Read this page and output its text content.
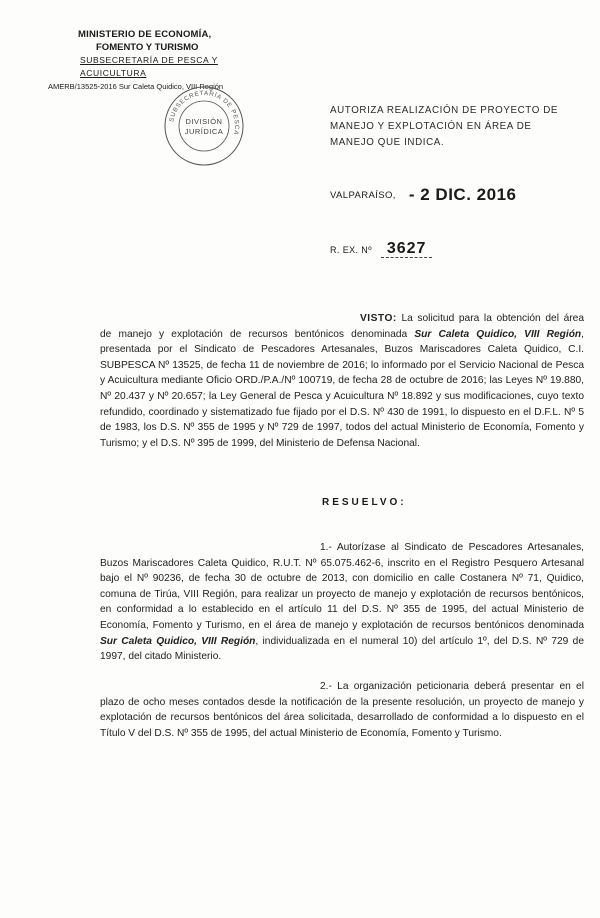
MINISTERIO DE ECONOMÍA,
FOMENTO Y TURISMO
SUBSECRETARÍA DE PESCA Y ACUICULTURA
AMERB/13525-2016 Sur Caleta Quidico, VIII Región
SUBSECRETARÍA DE PESCA
DIVISIÓN
JURÍDICA
AUTORIZA REALIZACIÓN DE PROYECTO DE MANEJO Y EXPLOTACIÓN EN ÁREA DE MANEJO QUE INDICA.
VALPARAÍSO, - 2 DIC. 2016
R. EX. Nº 3627
VISTO: La solicitud para la obtención del área de manejo y explotación de recursos bentónicos denominada Sur Caleta Quidico, VIII Región, presentada por el Sindicato de Pescadores Artesanales, Buzos Mariscadores Caleta Quidico, C.I. SUBPESCA Nº 13525, de fecha 11 de noviembre de 2016; lo informado por el Servicio Nacional de Pesca y Acuicultura mediante Oficio ORD./P.A./Nº 100719, de fecha 28 de octubre de 2016; las Leyes Nº 19.880, Nº 20.437 y Nº 20.657; la Ley General de Pesca y Acuicultura Nº 18.892 y sus modificaciones, cuyo texto refundido, coordinado y sistematizado fue fijado por el D.S. Nº 430 de 1991, lo dispuesto en el D.F.L. Nº 5 de 1983, los D.S. Nº 355 de 1995 y Nº 729 de 1997, todos del actual Ministerio de Economía, Fomento y Turismo; y el D.S. Nº 395 de 1999, del Ministerio de Defensa Nacional.
RESUELVO:
1.- Autorízase al Sindicato de Pescadores Artesanales, Buzos Mariscadores Caleta Quidico, R.U.T. Nº 65.075.462-6, inscrito en el Registro Pesquero Artesanal bajo el Nº 90236, de fecha 30 de octubre de 2013, con domicilio en calle Costanera Nº 71, Quidico, comuna de Tirúa, VIII Región, para realizar un proyecto de manejo y explotación de recursos bentónicos, en conformidad a lo establecido en el artículo 11 del D.S. Nº 355 de 1995, del actual Ministerio de Economía, Fomento y Turismo, en el área de manejo y explotación de recursos bentónicos denominada Sur Caleta Quidico, VIII Región, individualizada en el numeral 10) del artículo 1º, del D.S. Nº 729 de 1997, del citado Ministerio.
2.- La organización peticionaria deberá presentar en el plazo de ocho meses contados desde la notificación de la presente resolución, un proyecto de manejo y explotación de recursos bentónicos del área solicitada, desarrollado de conformidad a lo dispuesto en el Título V del D.S. Nº 355 de 1995, del actual Ministerio de Economía, Fomento y Turismo.
